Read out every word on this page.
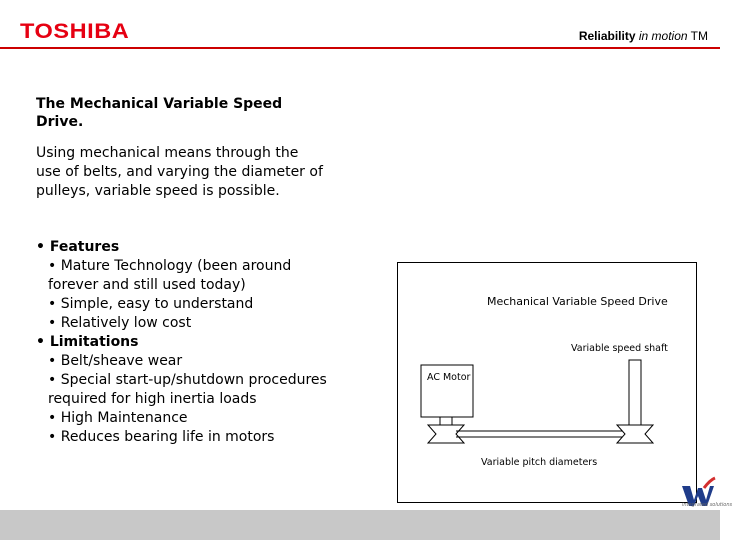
TOSHIBA	Reliability in motion TM
The Mechanical Variable Speed Drive.
Using mechanical means through the use of belts, and varying the diameter of pulleys, variable speed is possible.
• Features
• Mature Technology (been around forever and still used today)
• Simple, easy to understand
• Relatively low cost
• Limitations
• Belt/sheave wear
• Special start-up/shutdown procedures required for high inertia loads
• High Maintenance
• Reduces bearing life in motors
Mechanical Variable Speed Drive
Variable speed shaft
AC Motor
Variable pitch diameters
integrated solutions
